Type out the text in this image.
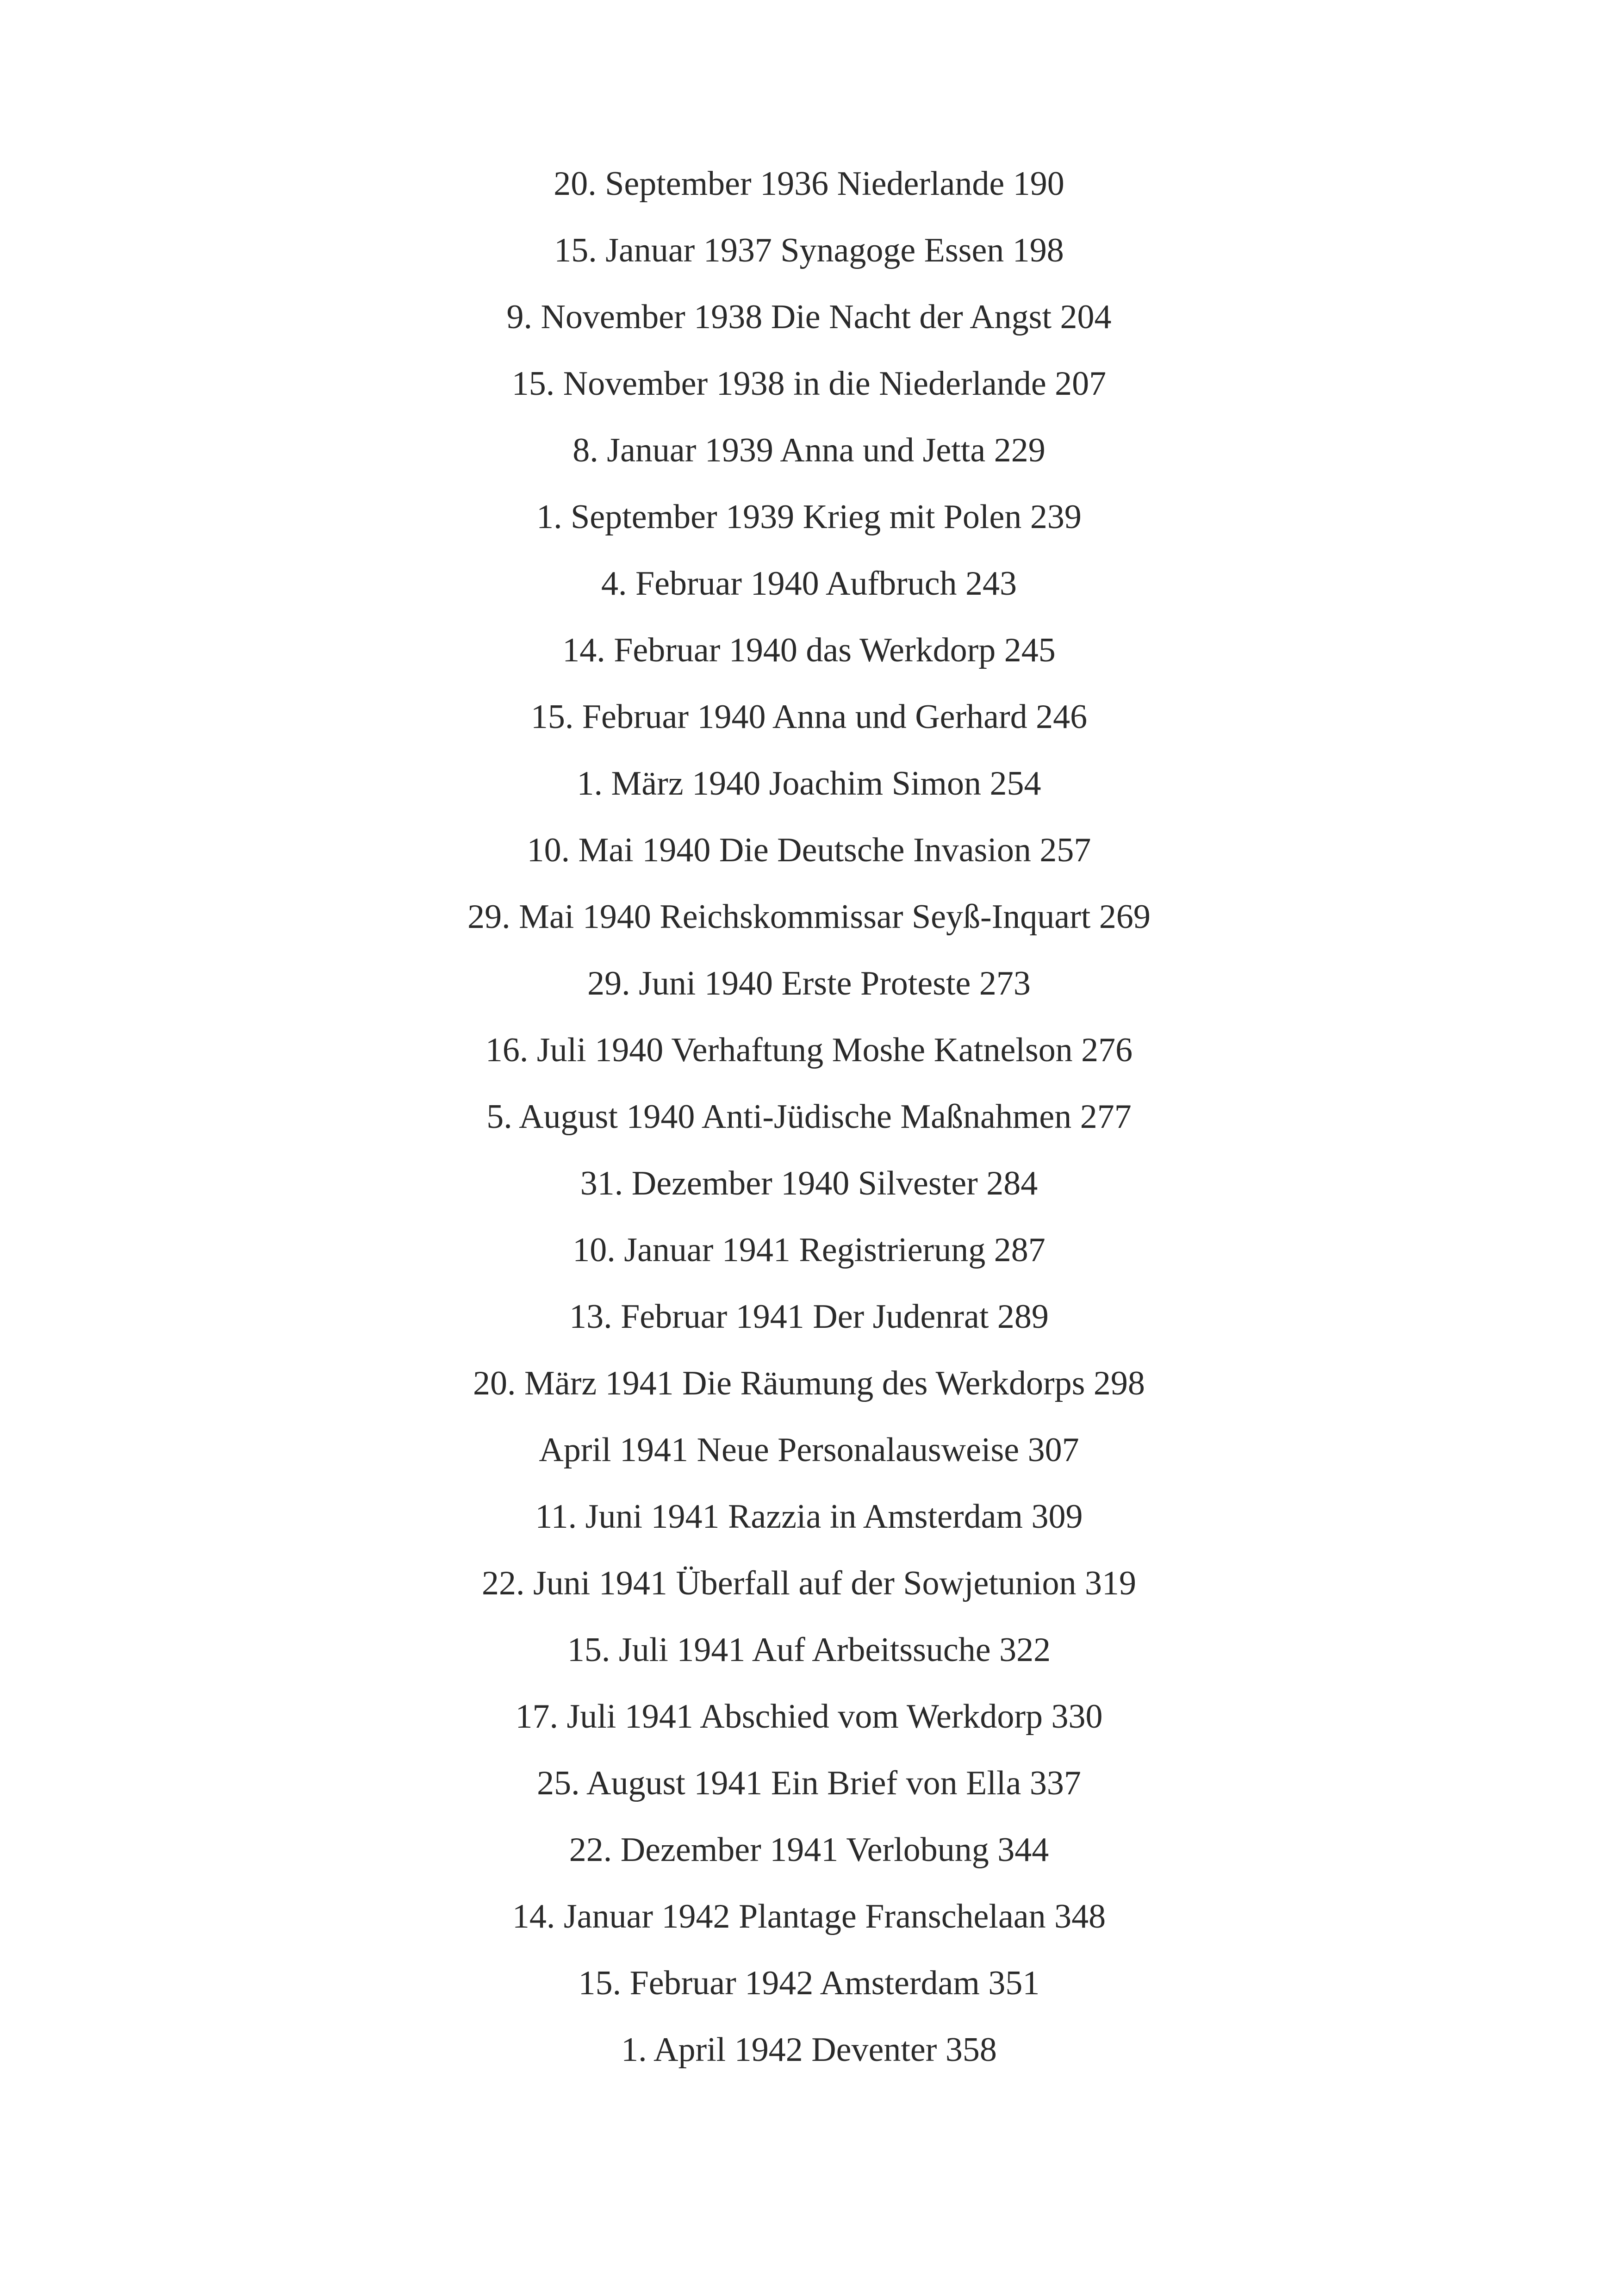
20. September 1936 Niederlande 190
15. Januar 1937 Synagoge Essen 198
9. November 1938 Die Nacht der Angst 204
15. November 1938 in die Niederlande 207
8. Januar 1939 Anna und Jetta 229
1. September 1939 Krieg mit Polen 239
4. Februar 1940 Aufbruch 243
14. Februar 1940 das Werkdorp 245
15. Februar 1940 Anna und Gerhard 246
1. März 1940 Joachim Simon 254
10. Mai 1940 Die Deutsche Invasion 257
29. Mai 1940 Reichskommissar Seyß-Inquart 269
29. Juni 1940 Erste Proteste 273
16. Juli 1940 Verhaftung Moshe Katnelson 276
5. August 1940 Anti-Jüdische Maßnahmen 277
31. Dezember 1940 Silvester 284
10. Januar 1941 Registrierung 287
13. Februar 1941 Der Judenrat 289
20. März 1941 Die Räumung des Werkdorps 298
April 1941 Neue Personalausweise 307
11. Juni 1941 Razzia in Amsterdam 309
22. Juni 1941 Überfall auf der Sowjetunion 319
15. Juli 1941 Auf Arbeitssuche 322
17. Juli 1941 Abschied vom Werkdorp 330
25. August 1941 Ein Brief von Ella 337
22. Dezember 1941 Verlobung 344
14. Januar 1942 Plantage Franschelaan 348
15. Februar 1942 Amsterdam 351
1. April 1942 Deventer 358
